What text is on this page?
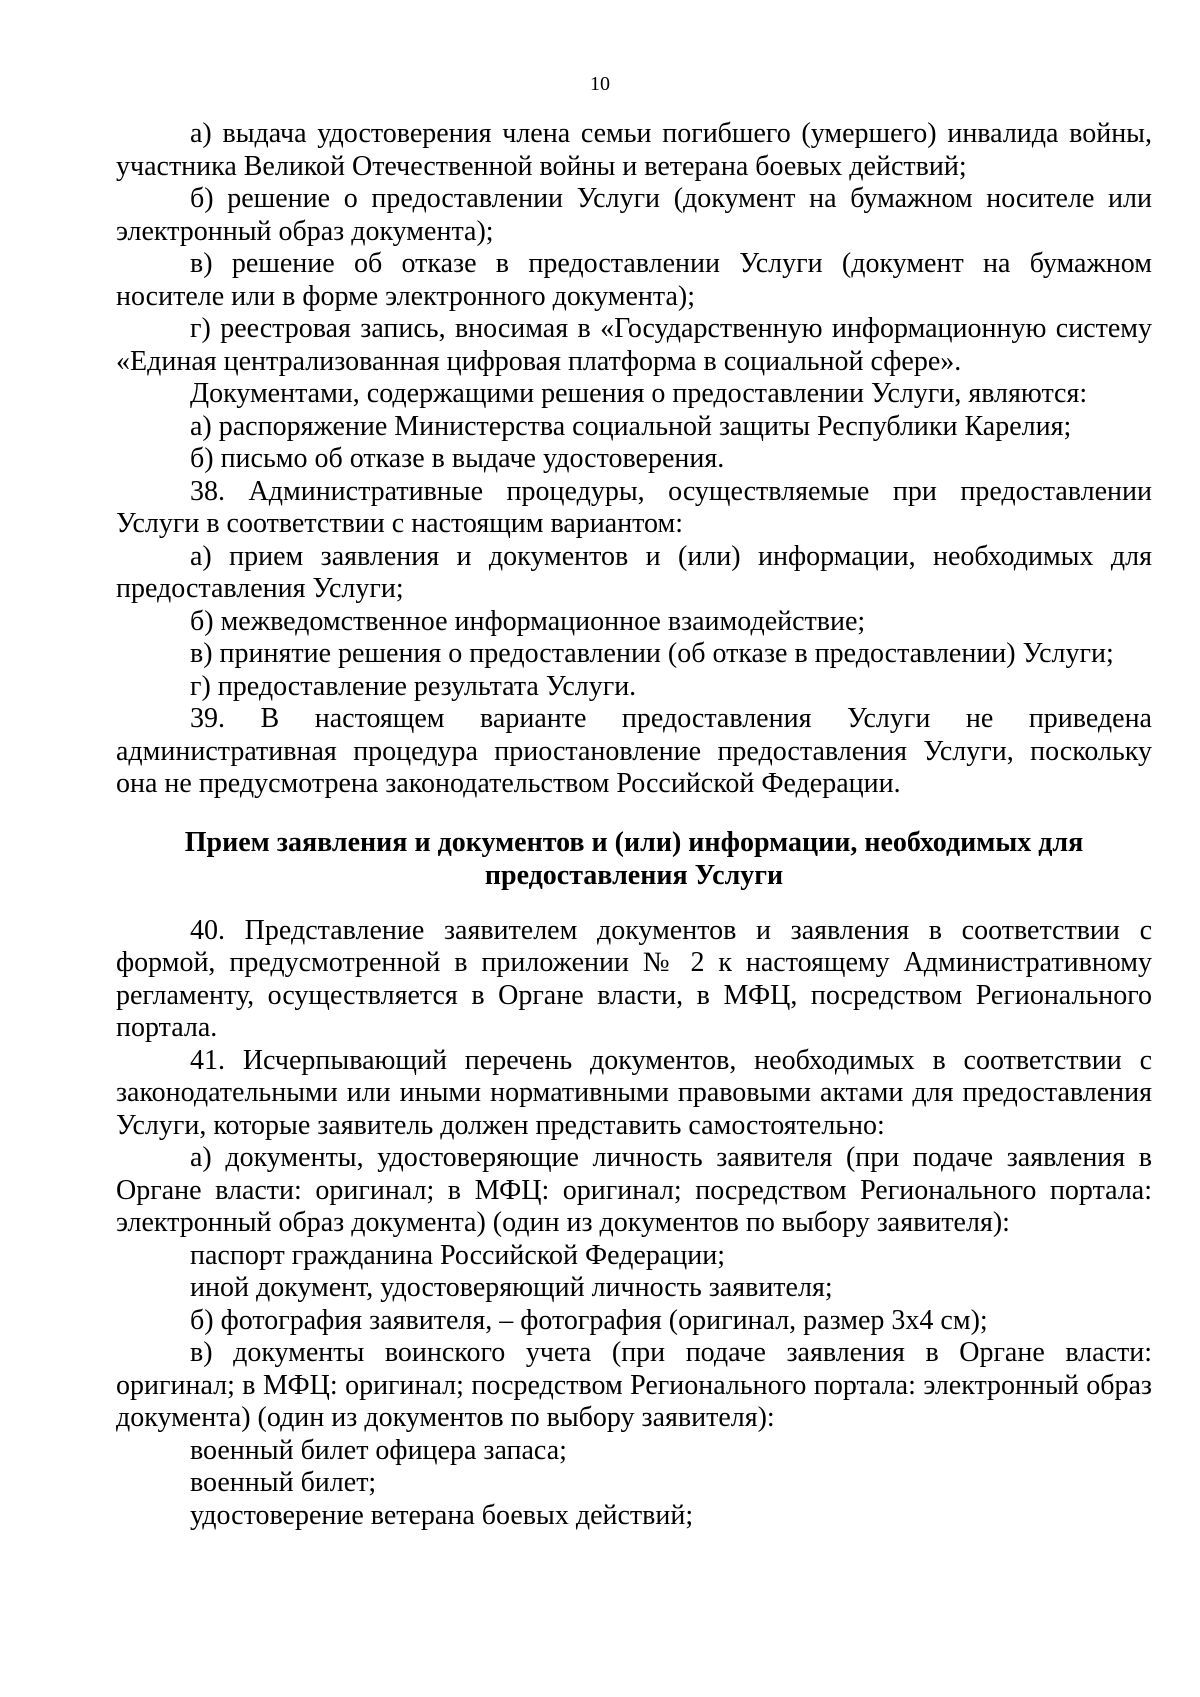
10

а) выдача удостоверения члена семьи погибшего (умершего) инвалида войны, участника Великой Отечественной войны и ветерана боевых действий;

б) решение о предоставлении Услуги (документ на бумажном носителе или электронный образ документа);

в) решение об отказе в предоставлении Услуги (документ на бумажном носителе или в форме электронного документа);

г) реестровая запись, вносимая в «Государственную информационную систему «Единая централизованная цифровая платформа в социальной сфере».

Документами, содержащими решения о предоставлении Услуги, являются:

а) распоряжение Министерства социальной защиты Республики Карелия;

б) письмо об отказе в выдаче удостоверения.

38. Административные процедуры, осуществляемые при предоставлении Услуги в соответствии с настоящим вариантом:

а) прием заявления и документов и (или) информации, необходимых для предоставления Услуги;

б) межведомственное информационное взаимодействие;

в) принятие решения о предоставлении (об отказе в предоставлении) Услуги;

г) предоставление результата Услуги.

39. В настоящем варианте предоставления Услуги не приведена административная процедура приостановление предоставления Услуги, поскольку она не предусмотрена законодательством Российской Федерации.

Прием заявления и документов и (или) информации, необходимых для предоставления Услуги

40. Представление заявителем документов и заявления в соответствии с формой, предусмотренной в приложении № 2 к настоящему Административному регламенту, осуществляется в Органе власти, в МФЦ, посредством Регионального портала.

41. Исчерпывающий перечень документов, необходимых в соответствии с законодательными или иными нормативными правовыми актами для предоставления Услуги, которые заявитель должен представить самостоятельно:

а) документы, удостоверяющие личность заявителя (при подаче заявления в Органе власти: оригинал; в МФЦ: оригинал; посредством Регионального портала: электронный образ документа) (один из документов по выбору заявителя):

паспорт гражданина Российской Федерации;

иной документ, удостоверяющий личность заявителя;

б) фотография заявителя, – фотография (оригинал, размер 3x4 см);

в) документы воинского учета (при подаче заявления в Органе власти: оригинал; в МФЦ: оригинал; посредством Регионального портала: электронный образ документа) (один из документов по выбору заявителя):

военный билет офицера запаса;

военный билет;

удостоверение ветерана боевых действий;
